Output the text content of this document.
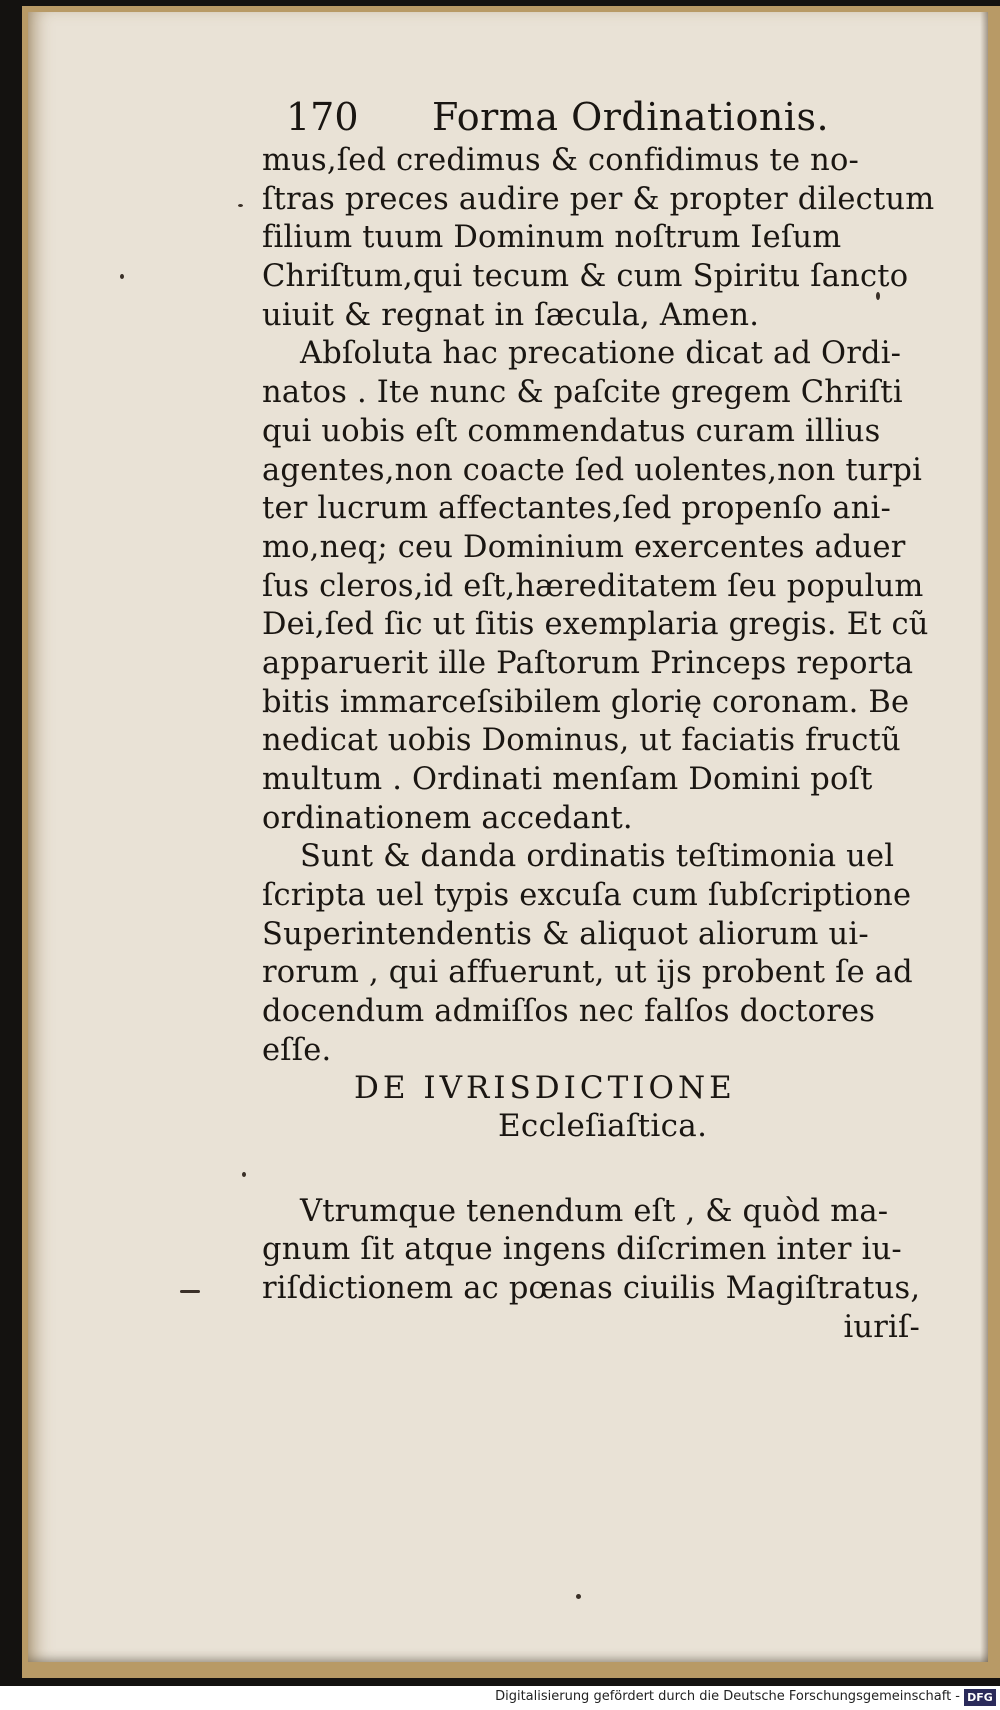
170 Forma Ordinationis.
mus,ſed credimus & confidimus te no-
ſtras preces audire per & propter dilectum
filium tuum Dominum noſtrum Ieſum
Chriſtum,qui tecum & cum Spiritu ſancto
uiuit & regnat in ſæcula, Amen.
Abſoluta hac precatione dicat ad Ordi-
natos . Ite nunc & paſcite gregem Chriſti
qui uobis eſt commendatus curam illius
agentes,non coacte ſed uolentes,non turpi
ter lucrum affectantes,ſed propenſo ani-
mo,neq; ceu Dominium exercentes aduer
ſus cleros,id eſt,hæreditatem ſeu populum
Dei,ſed ſic ut ſitis exemplaria gregis. Et cũ
apparuerit ille Paſtorum Princeps reporta
bitis immarceſsibilem glorię coronam. Be
nedicat uobis Dominus, ut faciatis fructũ
multum . Ordinati menſam Domini poſt
ordinationem accedant.
Sunt & danda ordinatis teſtimonia uel
ſcripta uel typis excuſa cum ſubſcriptione
Superintendentis & aliquot aliorum ui-
rorum , qui affuerunt, ut ijs probent ſe ad
docendum admiſſos nec falſos doctores
eſſe.
DE IVRISDICTIONE
Eccleſiaſtica.
Vtrumque tenendum eſt , & quòd ma-
gnum ſit atque ingens diſcrimen inter iu-
riſdictionem ac pœnas ciuilis Magiſtratus,
iuriſ-
Digitalisierung gefördert durch die Deutsche Forschungsgemeinschaft - DFG
